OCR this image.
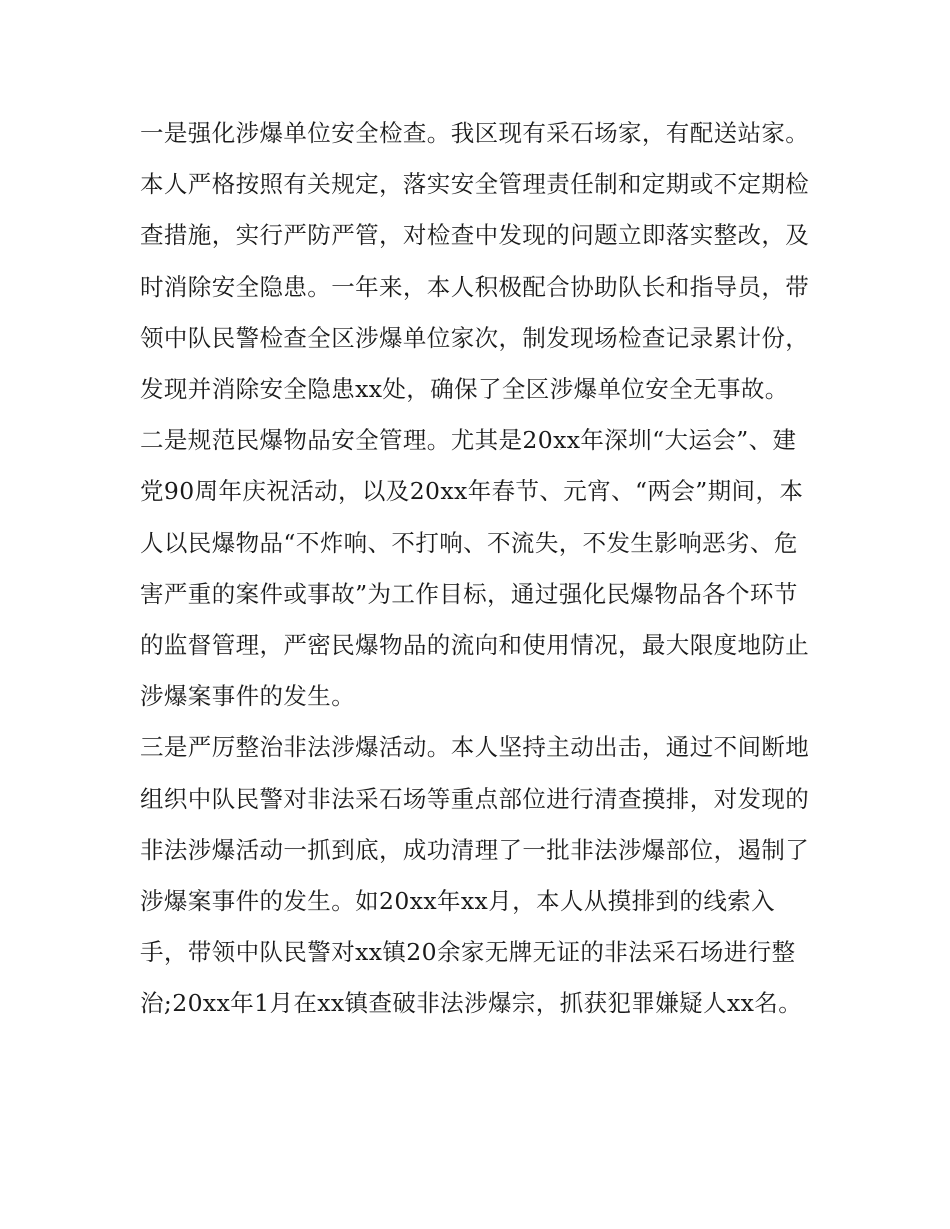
一是强化涉爆单位安全检查。我区现有采石场家，有配送站家。本人严格按照有关规定，落实安全管理责任制和定期或不定期检查措施，实行严防严管，对检查中发现的问题立即落实整改，及时消除安全隐患。一年来，本人积极配合协助队长和指导员，带领中队民警检查全区涉爆单位家次，制发现场检查记录累计份，发现并消除安全隐患xx处，确保了全区涉爆单位安全无事故。

二是规范民爆物品安全管理。尤其是20xx年深圳“大运会”、建党90周年庆祝活动，以及20xx年春节、元宵、“两会”期间，本人以民爆物品“不炸响、不打响、不流失，不发生影响恶劣、危害严重的案件或事故”为工作目标，通过强化民爆物品各个环节的监督管理，严密民爆物品的流向和使用情况，最大限度地防止涉爆案事件的发生。

三是严厉整治非法涉爆活动。本人坚持主动出击，通过不间断地组织中队民警对非法采石场等重点部位进行清查摸排，对发现的非法涉爆活动一抓到底，成功清理了一批非法涉爆部位，遏制了涉爆案事件的发生。如20xx年xx月，本人从摸排到的线索入手，带领中队民警对xx镇20余家无牌无证的非法采石场进行整治;20xx年1月在xx镇查破非法涉爆宗，抓获犯罪嫌疑人xx名。
